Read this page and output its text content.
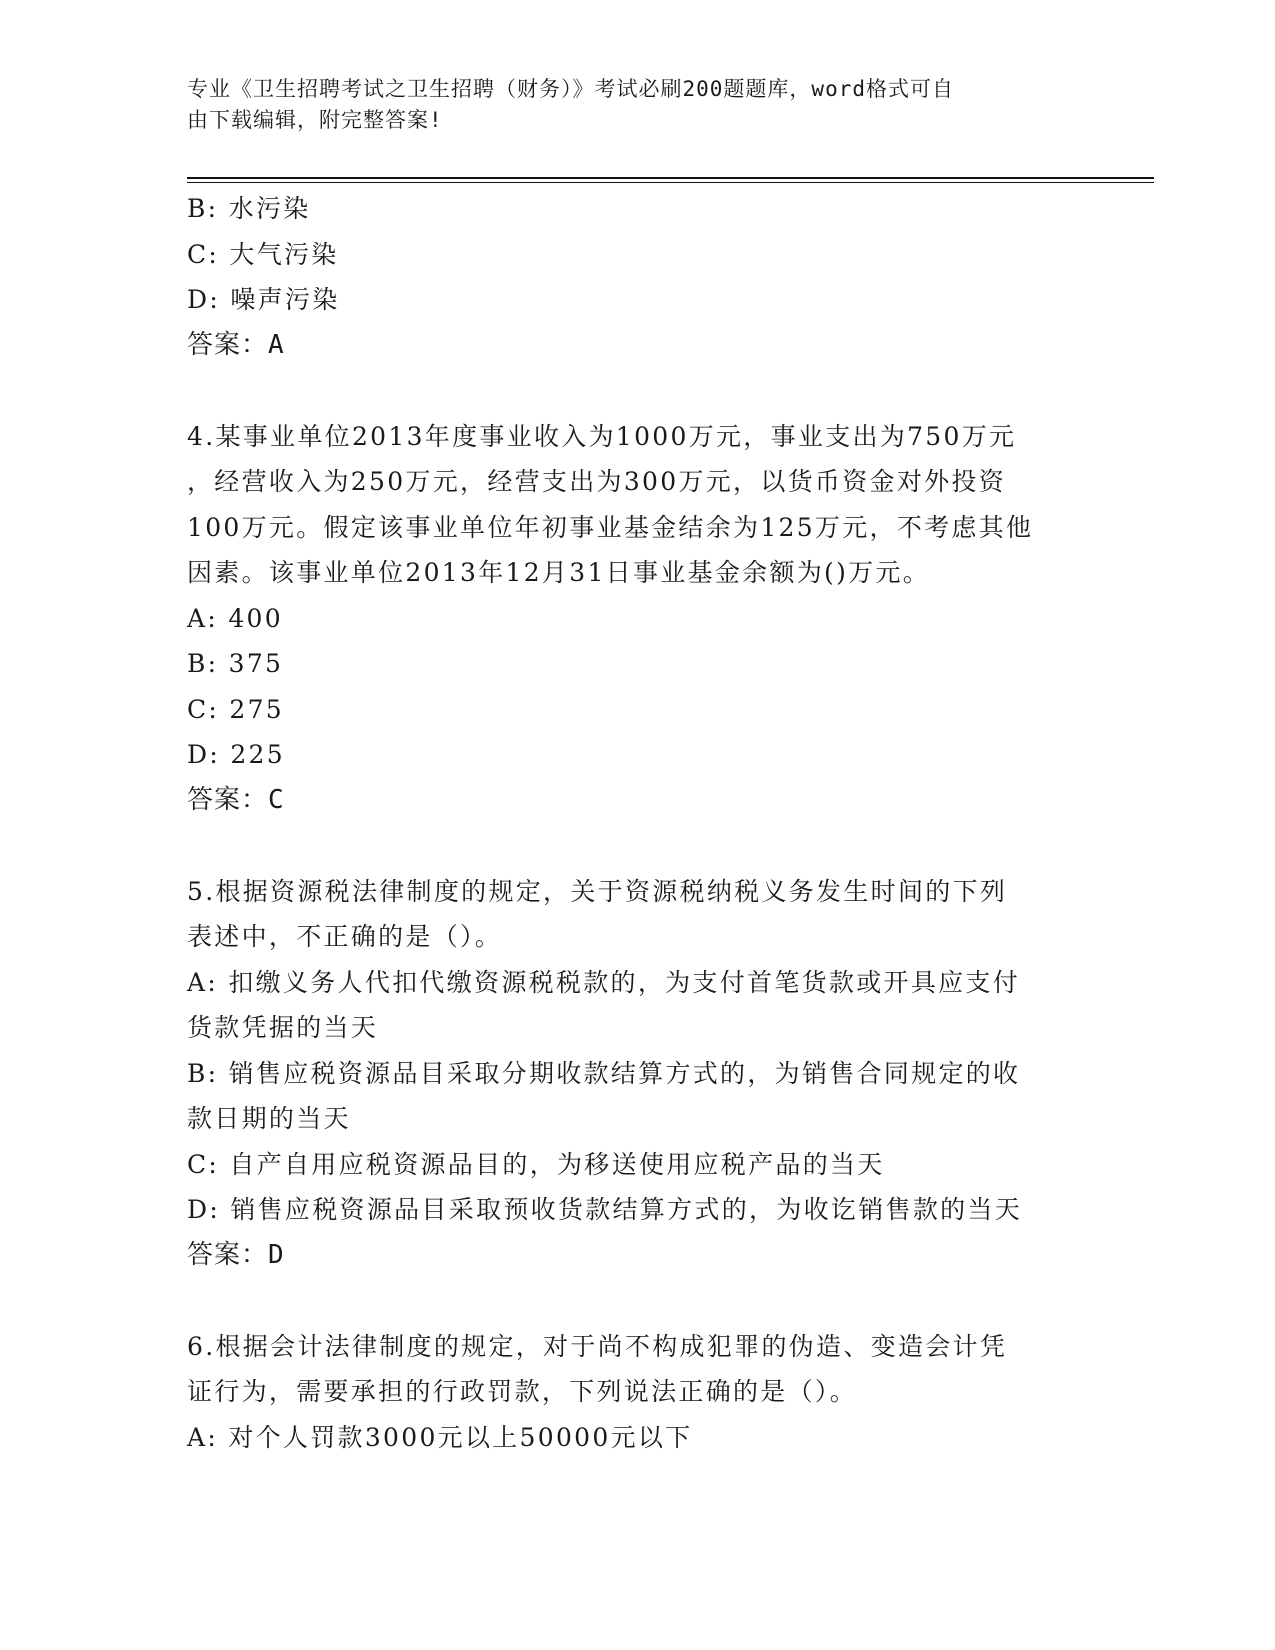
专业《卫生招聘考试之卫生招聘（财务）》考试必刷200题题库，word格式可自
由下载编辑，附完整答案!
B: 水污染
C: 大气污染
D: 噪声污染
答案：A
4.某事业单位2013年度事业收入为1000万元，事业支出为750万元
，经营收入为250万元，经营支出为300万元，以货币资金对外投资
100万元。假定该事业单位年初事业基金结余为125万元，不考虑其他
因素。该事业单位2013年12月31日事业基金余额为()万元。
A: 400
B: 375
C: 275
D: 225
答案：C
5.根据资源税法律制度的规定，关于资源税纳税义务发生时间的下列
表述中，不正确的是（）。
A: 扣缴义务人代扣代缴资源税税款的，为支付首笔货款或开具应支付
货款凭据的当天
B: 销售应税资源品目采取分期收款结算方式的，为销售合同规定的收
款日期的当天
C: 自产自用应税资源品目的，为移送使用应税产品的当天
D: 销售应税资源品目采取预收货款结算方式的，为收讫销售款的当天
答案：D
6.根据会计法律制度的规定，对于尚不构成犯罪的伪造、变造会计凭
证行为，需要承担的行政罚款，下列说法正确的是（）。
A: 对个人罚款3000元以上50000元以下
